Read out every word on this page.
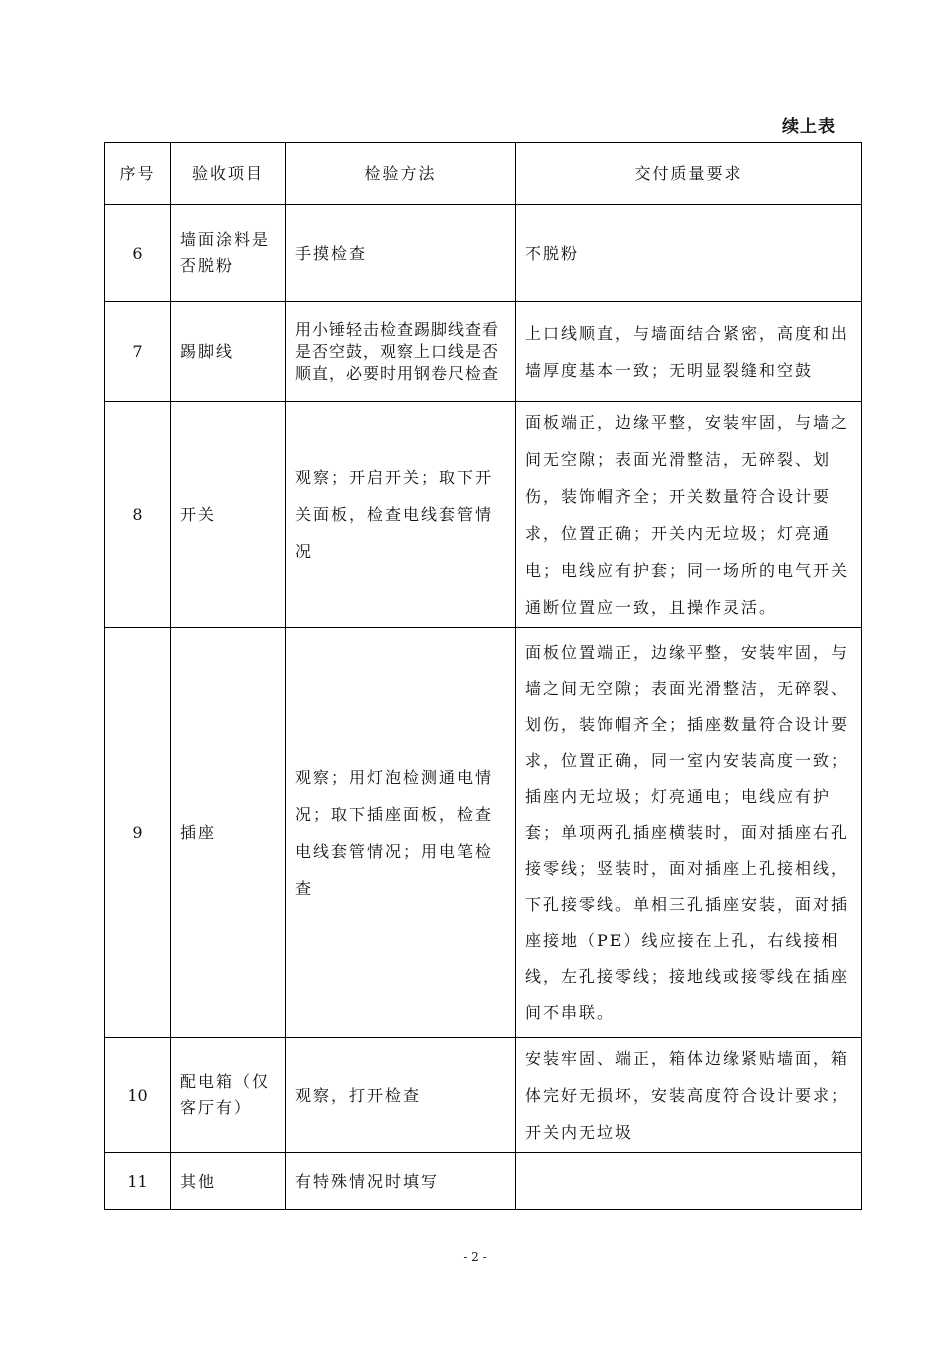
续上表
序号	验收项目	检验方法	交付质量要求
6	墙面涂料是否脱粉	手摸检查	不脱粉
7	踢脚线	用小锤轻击检查踢脚线查看是否空鼓，观察上口线是否顺直，必要时用钢卷尺检查	上口线顺直，与墙面结合紧密，高度和出墙厚度基本一致；无明显裂缝和空鼓
8	开关	观察；开启开关；取下开关面板，检查电线套管情况	面板端正，边缘平整，安装牢固，与墙之间无空隙；表面光滑整洁，无碎裂、划伤，装饰帽齐全；开关数量符合设计要求，位置正确；开关内无垃圾；灯亮通电；电线应有护套；同一场所的电气开关通断位置应一致，且操作灵活。
9	插座	观察；用灯泡检测通电情况；取下插座面板，检查电线套管情况；用电笔检查	面板位置端正，边缘平整，安装牢固，与墙之间无空隙；表面光滑整洁，无碎裂、划伤，装饰帽齐全；插座数量符合设计要求，位置正确，同一室内安装高度一致；插座内无垃圾；灯亮通电；电线应有护套；单项两孔插座横装时，面对插座右孔接零线；竖装时，面对插座上孔接相线，下孔接零线。单相三孔插座安装，面对插座接地（PE）线应接在上孔，右线接相线，左孔接零线；接地线或接零线在插座间不串联。
10	配电箱（仅客厅有）	观察，打开检查	安装牢固、端正，箱体边缘紧贴墙面，箱体完好无损坏，安装高度符合设计要求；开关内无垃圾
11	其他	有特殊情况时填写	
- 2 -
